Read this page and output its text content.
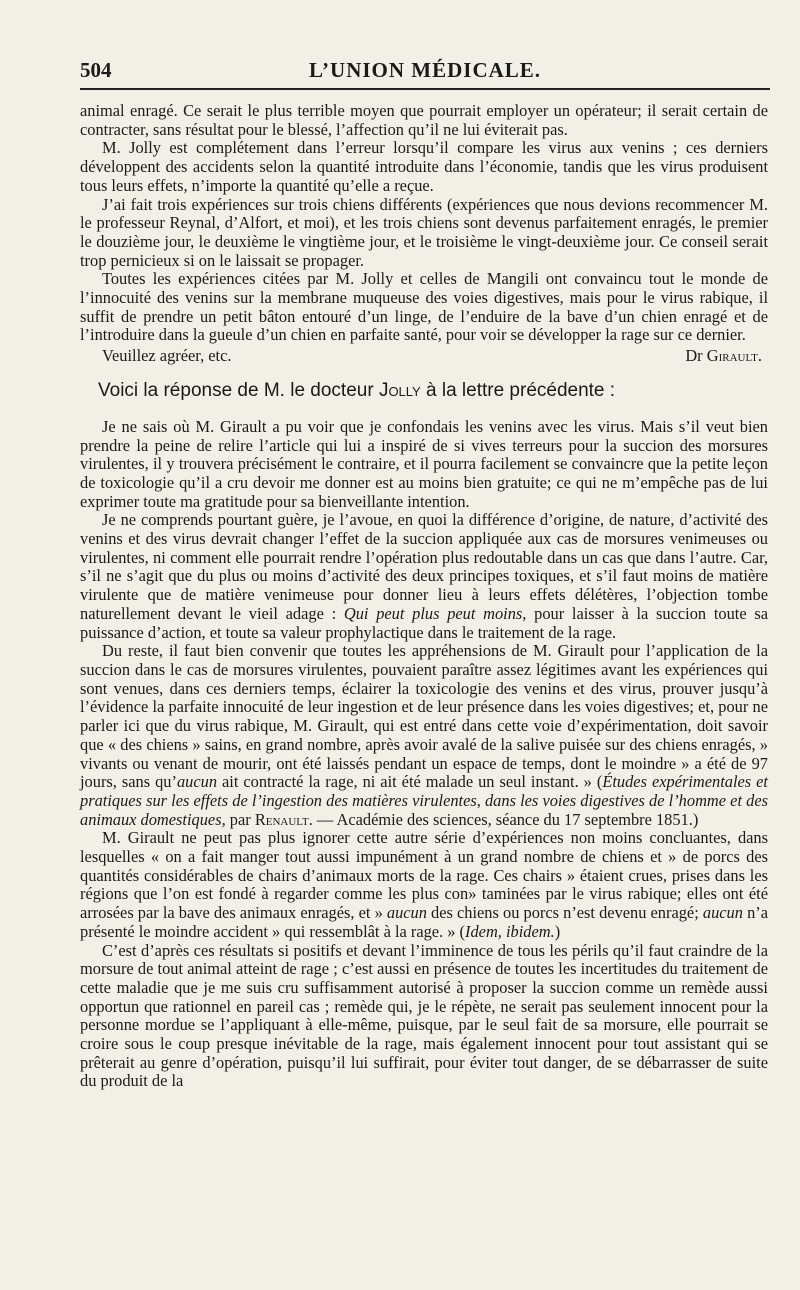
504	L’UNION MÉDICALE.

animal enragé. Ce serait le plus terrible moyen que pourrait employer un opérateur; il serait certain de contracter, sans résultat pour le blessé, l’affection qu’il ne lui éviterait pas.

M. Jolly est complétement dans l’erreur lorsqu’il compare les virus aux venins ; ces derniers développent des accidents selon la quantité introduite dans l’économie, tandis que les virus produisent tous leurs effets, n’importe la quantité qu’elle a reçue.

J’ai fait trois expériences sur trois chiens différents (expériences que nous devions recommencer M. le professeur Reynal, d’Alfort, et moi), et les trois chiens sont devenus parfaitement enragés, le premier le douzième jour, le deuxième le vingtième jour, et le troisième le vingt-deuxième jour. Ce conseil serait trop pernicieux si on le laissait se propager.

Toutes les expériences citées par M. Jolly et celles de Mangili ont convaincu tout le monde de l’innocuité des venins sur la membrane muqueuse des voies digestives, mais pour le virus rabique, il suffit de prendre un petit bâton entouré d’un linge, de l’enduire de la bave d’un chien enragé et de l’introduire dans la gueule d’un chien en parfaite santé, pour voir se développer la rage sur ce dernier.

Veuillez agréer, etc.	Dr Girault.
Voici la réponse de M. le docteur Jolly à la lettre précédente :

Je ne sais où M. Girault a pu voir que je confondais les venins avec les virus. Mais s’il veut bien prendre la peine de relire l’article qui lui a inspiré de si vives terreurs pour la succion des morsures virulentes, il y trouvera précisément le contraire, et il pourra facilement se convaincre que la petite leçon de toxicologie qu’il a cru devoir me donner est au moins bien gratuite; ce qui ne m’empêche pas de lui exprimer toute ma gratitude pour sa bienveillante intention.

Je ne comprends pourtant guère, je l’avoue, en quoi la différence d’origine, de nature, d’activité des venins et des virus devrait changer l’effet de la succion appliquée aux cas de morsures venimeuses ou virulentes, ni comment elle pourrait rendre l’opération plus redoutable dans un cas que dans l’autre. Car, s’il ne s’agit que du plus ou moins d’activité des deux principes toxiques, et s’il faut moins de matière virulente que de matière venimeuse pour donner lieu à leurs effets délétères, l’objection tombe naturellement devant le vieil adage : Qui peut plus peut moins, pour laisser à la succion toute sa puissance d’action, et toute sa valeur prophylactique dans le traitement de la rage.

Du reste, il faut bien convenir que toutes les appréhensions de M. Girault pour l’application de la succion dans le cas de morsures virulentes, pouvaient paraître assez légitimes avant les expériences qui sont venues, dans ces derniers temps, éclairer la toxicologie des venins et des virus, prouver jusqu’à l’évidence la parfaite innocuité de leur ingestion et de leur présence dans les voies digestives; et, pour ne parler ici que du virus rabique, M. Girault, qui est entré dans cette voie d’expérimentation, doit savoir que « des chiens » sains, en grand nombre, après avoir avalé de la salive puisée sur des chiens enragés, » vivants ou venant de mourir, ont été laissés pendant un espace de temps, dont le moindre » a été de 97 jours, sans qu’aucun ait contracté la rage, ni ait été malade un seul instant. » (Études expérimentales et pratiques sur les effets de l’ingestion des matières virulentes, dans les voies digestives de l’homme et des animaux domestiques, par Renault. — Académie des sciences, séance du 17 septembre 1851.)

M. Girault ne peut pas plus ignorer cette autre série d’expériences non moins concluantes, dans lesquelles « on a fait manger tout aussi impunément à un grand nombre de chiens et » de porcs des quantités considérables de chairs d’animaux morts de la rage. Ces chairs » étaient crues, prises dans les régions que l’on est fondé à regarder comme les plus con» taminées par le virus rabique; elles ont été arrosées par la bave des animaux enragés, et » aucun des chiens ou porcs n’est devenu enragé; aucun n’a présenté le moindre accident » qui ressemblât à la rage. » (Idem, ibidem.)

C’est d’après ces résultats si positifs et devant l’imminence de tous les périls qu’il faut craindre de la morsure de tout animal atteint de rage ; c’est aussi en présence de toutes les incertitudes du traitement de cette maladie que je me suis cru suffisamment autorisé à proposer la succion comme un remède aussi opportun que rationnel en pareil cas ; remède qui, je le répète, ne serait pas seulement innocent pour la personne mordue se l’appliquant à elle-même, puisque, par le seul fait de sa morsure, elle pourrait se croire sous le coup presque inévitable de la rage, mais également innocent pour tout assistant qui se prêterait au genre d’opération, puisqu’il lui suffirait, pour éviter tout danger, de se débarrasser de suite du produit de la
